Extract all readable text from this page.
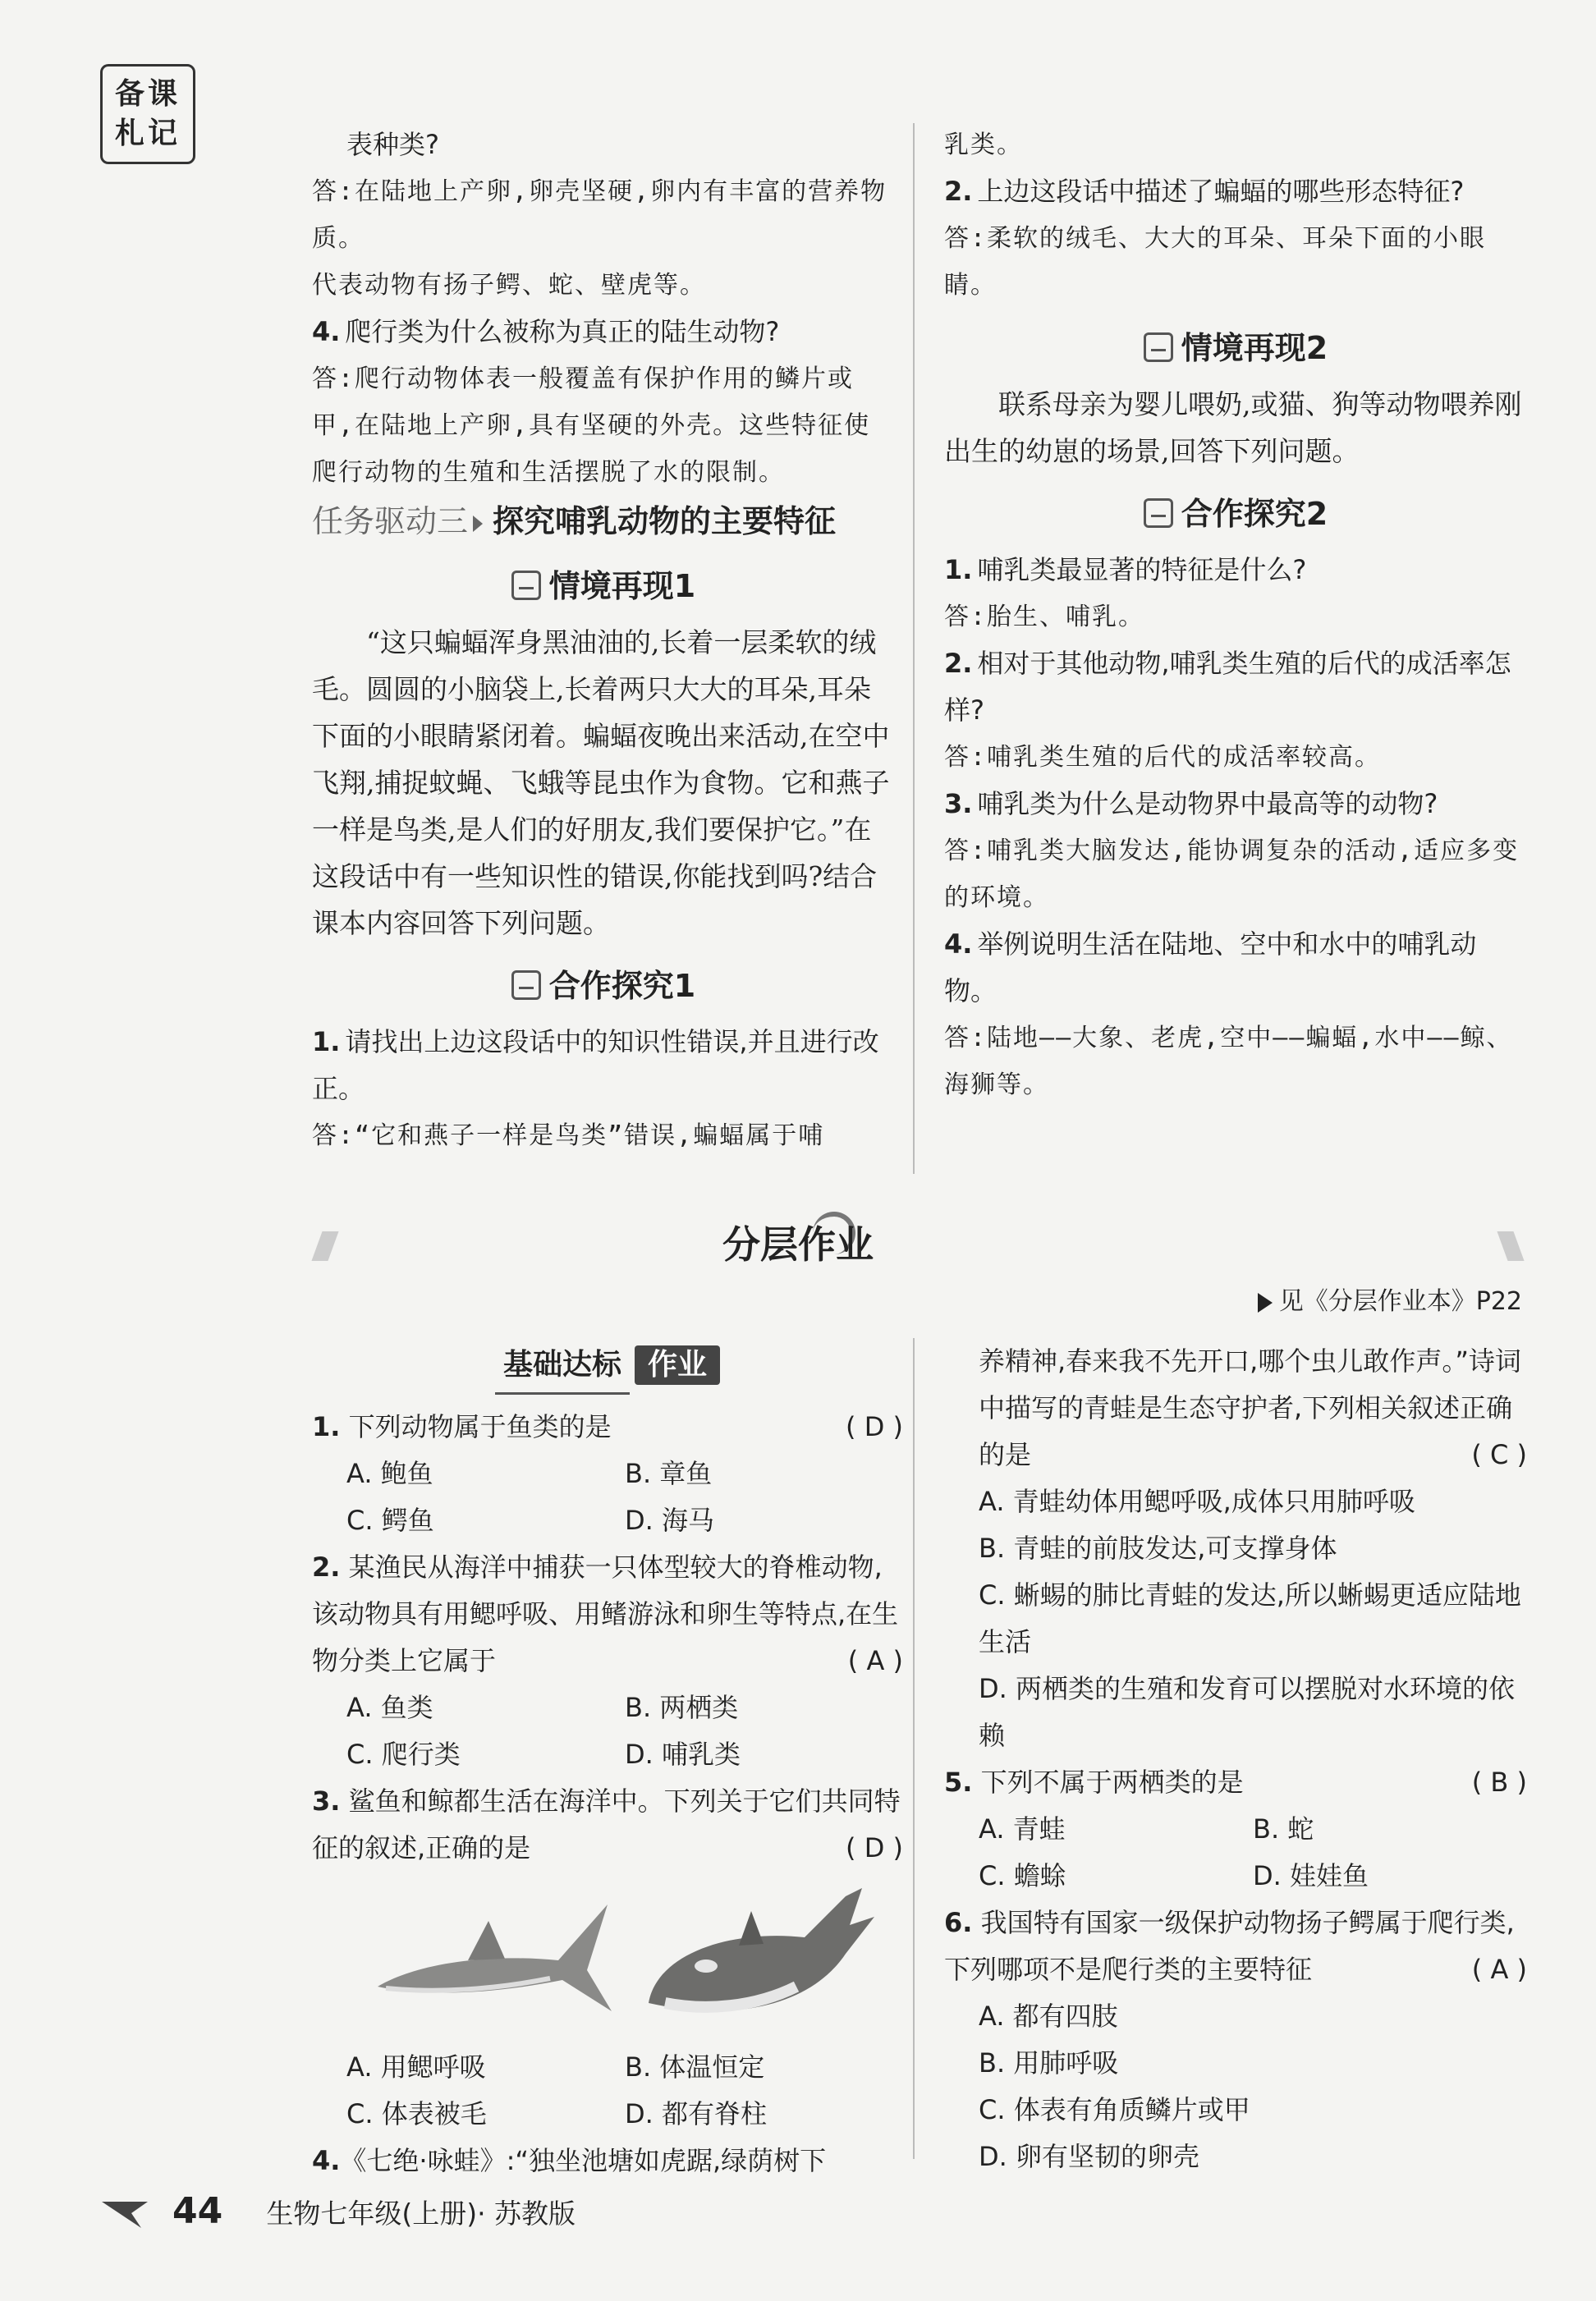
备课
札记	表种类?
答:在陆地上产卵,卵壳坚硬,卵内有丰富的营养物质。
代表动物有扬子鳄、蛇、壁虎等。
4. 爬行类为什么被称为真正的陆生动物?
答:爬行动物体表一般覆盖有保护作用的鳞片或甲,在陆地上产卵,具有坚硬的外壳。这些特征使爬行动物的生殖和生活摆脱了水的限制。
任务驱动三 探究哺乳动物的主要特征
情境再现1
“这只蝙蝠浑身黑油油的,长着一层柔软的绒毛。圆圆的小脑袋上,长着两只大大的耳朵,耳朵下面的小眼睛紧闭着。蝙蝠夜晚出来活动,在空中飞翔,捕捉蚊蝇、飞蛾等昆虫作为食物。它和燕子一样是鸟类,是人们的好朋友,我们要保护它。”在这段话中有一些知识性的错误,你能找到吗?结合课本内容回答下列问题。
合作探究1
1. 请找出上边这段话中的知识性错误,并且进行改正。
答:“它和燕子一样是鸟类”错误,蝙蝠属于哺
乳类。
2. 上边这段话中描述了蝙蝠的哪些形态特征?
答:柔软的绒毛、大大的耳朵、耳朵下面的小眼睛。
情境再现2
联系母亲为婴儿喂奶,或猫、狗等动物喂养刚出生的幼崽的场景,回答下列问题。
合作探究2
1. 哺乳类最显著的特征是什么?
答:胎生、哺乳。
2. 相对于其他动物,哺乳类生殖的后代的成活率怎样?
答:哺乳类生殖的后代的成活率较高。
3. 哺乳类为什么是动物界中最高等的动物?
答:哺乳类大脑发达,能协调复杂的活动,适应多变的环境。
4. 举例说明生活在陆地、空中和水中的哺乳动物。
答:陆地——大象、老虎,空中——蝙蝠,水中——鲸、海狮等。
分层作业
见《分层作业本》P22
基础达标 作业
1. 下列动物属于鱼类的是	( D )
A. 鲍鱼	B. 章鱼
C. 鳄鱼	D. 海马
2. 某渔民从海洋中捕获一只体型较大的脊椎动物,该动物具有用鳃呼吸、用鳍游泳和卵生等特点,在生物分类上它属于	( A )
A. 鱼类	B. 两栖类
C. 爬行类	D. 哺乳类
3. 鲨鱼和鲸都生活在海洋中。下列关于它们共同特征的叙述,正确的是	( D )
A. 用鳃呼吸	B. 体温恒定
C. 体表被毛	D. 都有脊柱
4.《七绝·咏蛙》:“独坐池塘如虎踞,绿荫树下
养精神,春来我不先开口,哪个虫儿敢作声。”诗词中描写的青蛙是生态守护者,下列相关叙述正确的是	( C )
A. 青蛙幼体用鳃呼吸,成体只用肺呼吸
B. 青蛙的前肢发达,可支撑身体
C. 蜥蜴的肺比青蛙的发达,所以蜥蜴更适应陆地生活
D. 两栖类的生殖和发育可以摆脱对水环境的依赖
5. 下列不属于两栖类的是	( B )
A. 青蛙	B. 蛇
C. 蟾蜍	D. 娃娃鱼
6. 我国特有国家一级保护动物扬子鳄属于爬行类,下列哪项不是爬行类的主要特征	( A )
A. 都有四肢
B. 用肺呼吸
C. 体表有角质鳞片或甲
D. 卵有坚韧的卵壳
44 生物七年级(上册)· 苏教版
